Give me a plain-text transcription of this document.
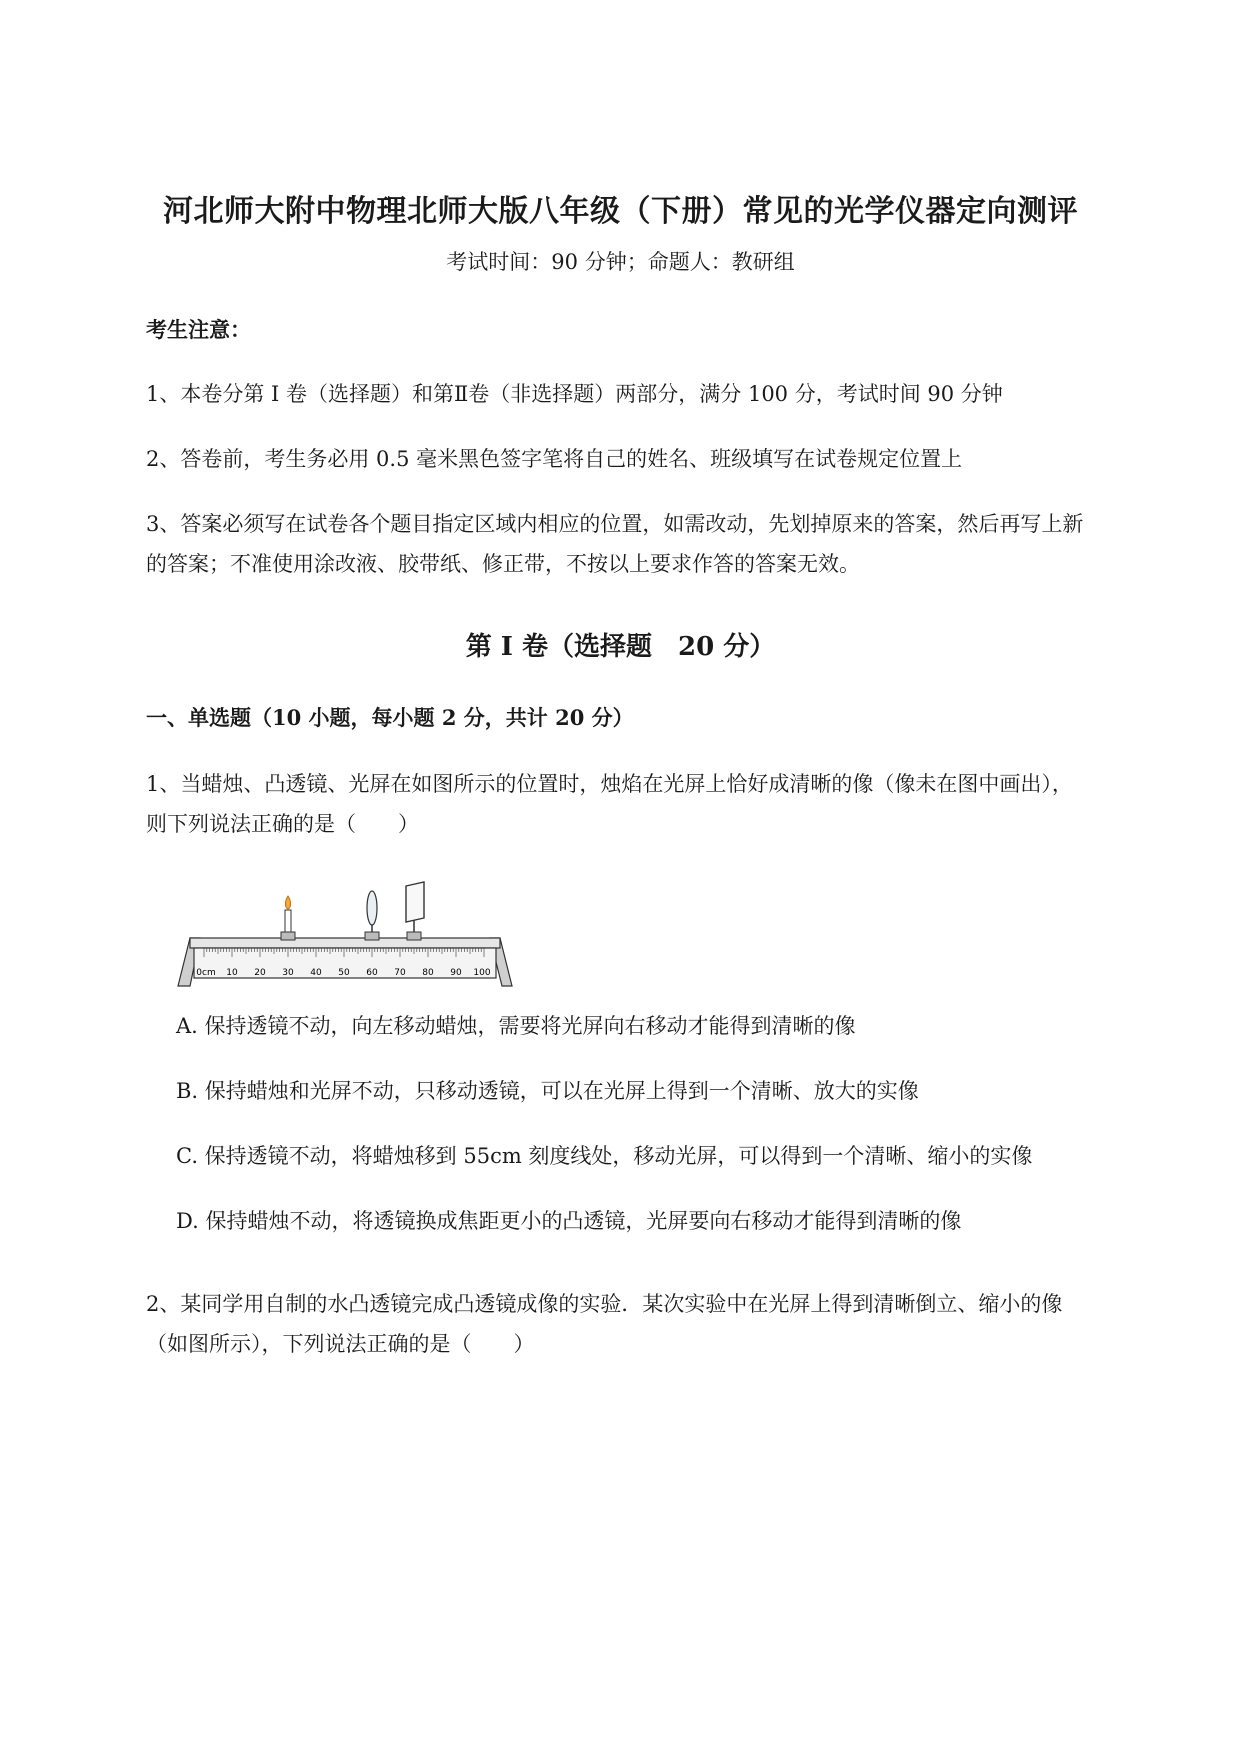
河北师大附中物理北师大版八年级（下册）常见的光学仪器定向测评
考试时间：90 分钟；命题人：教研组
考生注意：
1、本卷分第 I 卷（选择题）和第Ⅱ卷（非选择题）两部分，满分 100 分，考试时间 90 分钟
2、答卷前，考生务必用 0.5 毫米黑色签字笔将自己的姓名、班级填写在试卷规定位置上
3、答案必须写在试卷各个题目指定区域内相应的位置，如需改动，先划掉原来的答案，然后再写上新
的答案；不准使用涂改液、胶带纸、修正带，不按以上要求作答的答案无效。
第 I 卷（选择题　20 分）
一、单选题（10 小题，每小题 2 分，共计 20 分）
1、当蜡烛、凸透镜、光屏在如图所示的位置时，烛焰在光屏上恰好成清晰的像（像未在图中画出），
则下列说法正确的是（　　）
0cm 10 20 30 40 50 60 70 80 90 100
A. 保持透镜不动，向左移动蜡烛，需要将光屏向右移动才能得到清晰的像
B. 保持蜡烛和光屏不动，只移动透镜，可以在光屏上得到一个清晰、放大的实像
C. 保持透镜不动，将蜡烛移到 55cm 刻度线处，移动光屏，可以得到一个清晰、缩小的实像
D. 保持蜡烛不动，将透镜换成焦距更小的凸透镜，光屏要向右移动才能得到清晰的像
2、某同学用自制的水凸透镜完成凸透镜成像的实验．某次实验中在光屏上得到清晰倒立、缩小的像
（如图所示），下列说法正确的是（　　）
